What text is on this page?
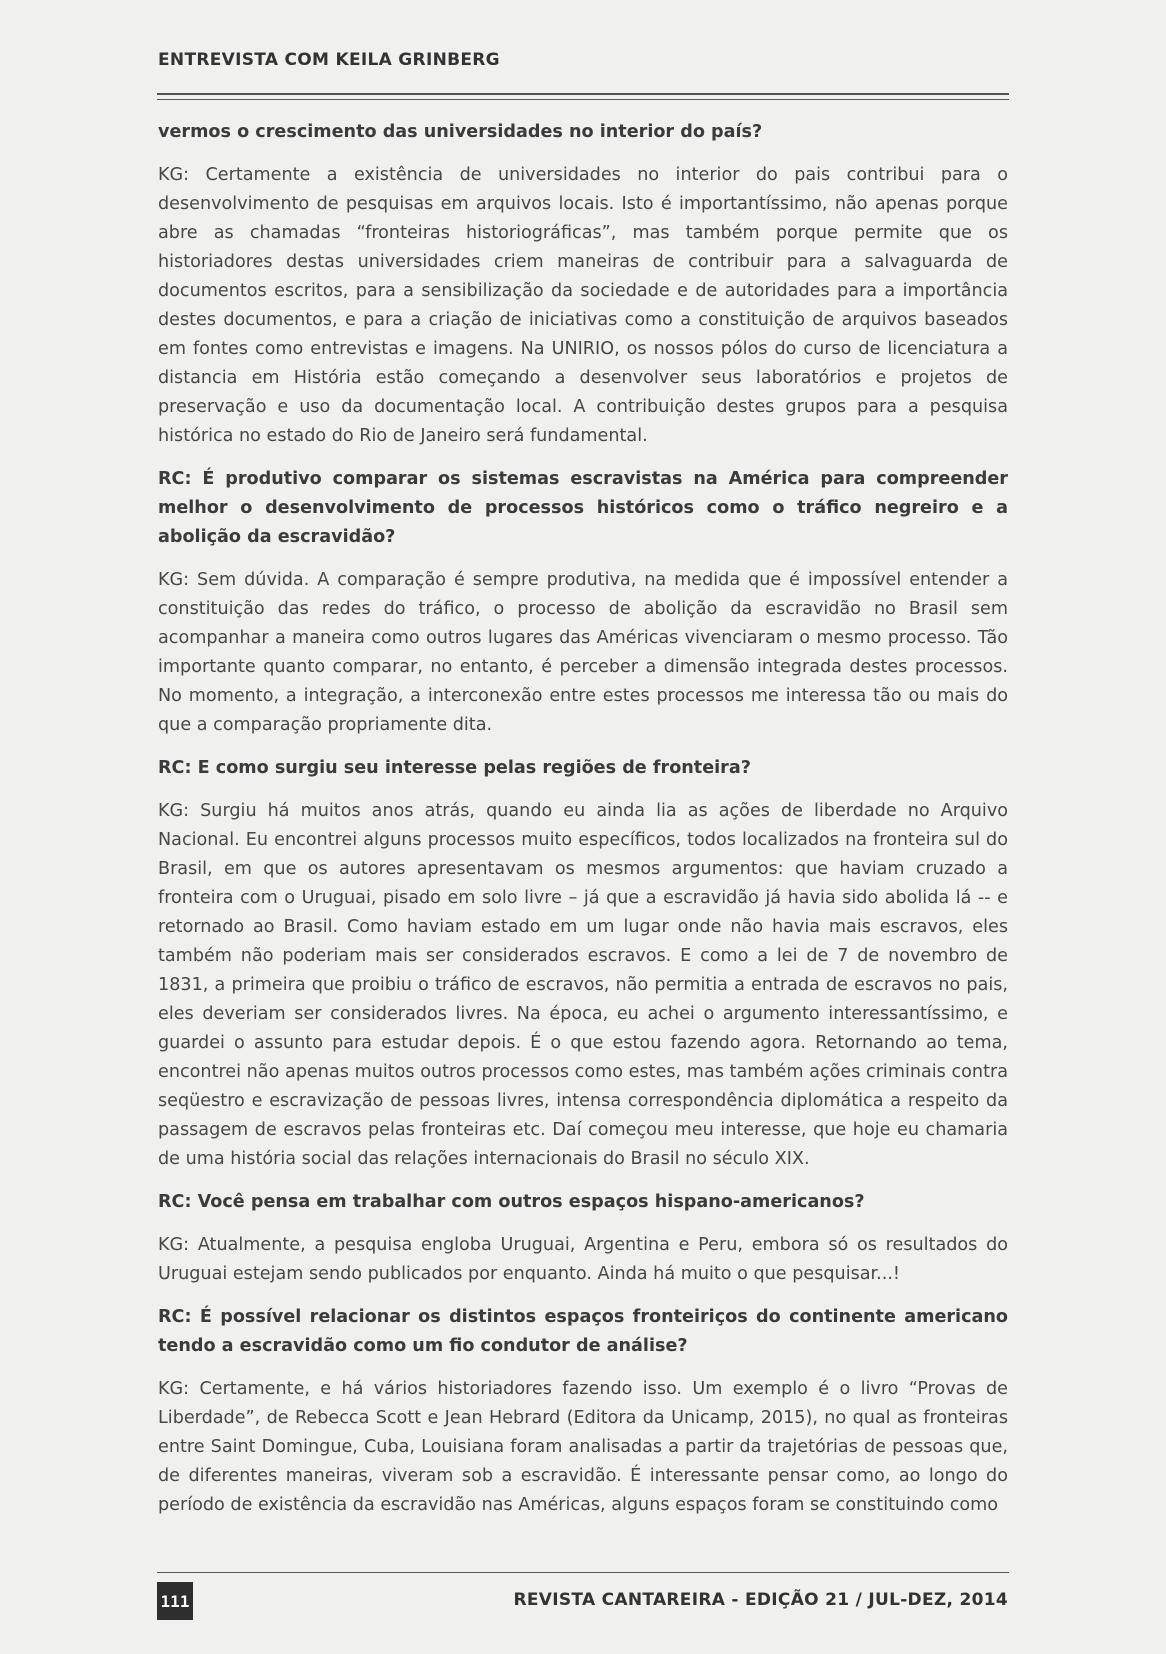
ENTREVISTA COM KEILA GRINBERG

vermos o crescimento das universidades no interior do país?

KG: Certamente a existência de universidades no interior do pais contribui para o desenvolvimento de pesquisas em arquivos locais. Isto é importantíssimo, não apenas porque abre as chamadas “fronteiras historiográficas”, mas também porque permite que os historiadores destas universidades criem maneiras de contribuir para a salvaguarda de documentos escritos, para a sensibilização da sociedade e de autoridades para a importância destes documentos, e para a criação de iniciativas como a constituição de arquivos baseados em fontes como entrevistas e imagens. Na UNIRIO, os nossos pólos do curso de licenciatura a distancia em História estão começando a desenvolver seus laboratórios e projetos de preservação e uso da documentação local. A contribuição destes grupos para a pesquisa histórica no estado do Rio de Janeiro será fundamental.

RC: É produtivo comparar os sistemas escravistas na América para compreender melhor o desenvolvimento de processos históricos como o tráfico negreiro e a abolição da escravidão?

KG: Sem dúvida. A comparação é sempre produtiva, na medida que é impossível entender a constituição das redes do tráfico, o processo de abolição da escravidão no Brasil sem acompanhar a maneira como outros lugares das Américas vivenciaram o mesmo processo. Tão importante quanto comparar, no entanto, é perceber a dimensão integrada destes processos. No momento, a integração, a interconexão entre estes processos me interessa tão ou mais do que a comparação propriamente dita.

RC: E como surgiu seu interesse pelas regiões de fronteira?

KG: Surgiu há muitos anos atrás, quando eu ainda lia as ações de liberdade no Arquivo Nacional. Eu encontrei alguns processos muito específicos, todos localizados na fronteira sul do Brasil, em que os autores apresentavam os mesmos argumentos: que haviam cruzado a fronteira com o Uruguai, pisado em solo livre – já que a escravidão já havia sido abolida lá -- e retornado ao Brasil. Como haviam estado em um lugar onde não havia mais escravos, eles também não poderiam mais ser considerados escravos. E como a lei de 7 de novembro de 1831, a primeira que proibiu o tráfico de escravos, não permitia a entrada de escravos no pais, eles deveriam ser considerados livres. Na época, eu achei o argumento interessantíssimo, e guardei o assunto para estudar depois. É o que estou fazendo agora. Retornando ao tema, encontrei não apenas muitos outros processos como estes, mas também ações criminais contra seqüestro e escravização de pessoas livres, intensa correspondência diplomática a respeito da passagem de escravos pelas fronteiras etc. Daí começou meu interesse, que hoje eu chamaria de uma história social das relações internacionais do Brasil no século XIX.

RC: Você pensa em trabalhar com outros espaços hispano-americanos?

KG: Atualmente, a pesquisa engloba Uruguai, Argentina e Peru, embora só os resultados do Uruguai estejam sendo publicados por enquanto. Ainda há muito o que pesquisar...!

RC: É possível relacionar os distintos espaços fronteiriços do continente americano tendo a escravidão como um fio condutor de análise?

KG: Certamente, e há vários historiadores fazendo isso. Um exemplo é o livro “Provas de Liberdade”, de Rebecca Scott e Jean Hebrard (Editora da Unicamp, 2015), no qual as fronteiras entre Saint Domingue, Cuba, Louisiana foram analisadas a partir da trajetórias de pessoas que, de diferentes maneiras, viveram sob a escravidão. É interessante pensar como, ao longo do período de existência da escravidão nas Américas, alguns espaços foram se constituindo como

111	REVISTA CANTAREIRA - EDIÇÃO 21 / JUL-DEZ, 2014
